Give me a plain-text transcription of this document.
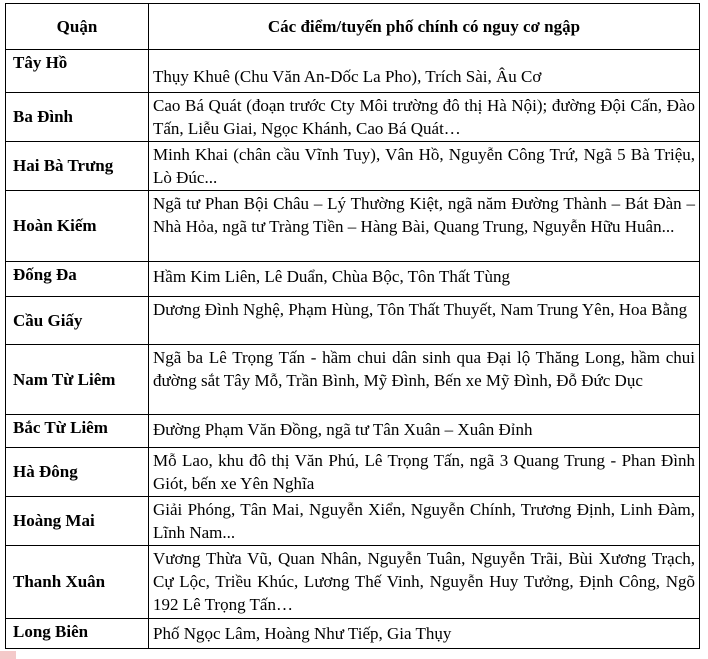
Quận	Các điểm/tuyến phố chính có nguy cơ ngập
Tây Hồ	Thụy Khuê (Chu Văn An-Dốc La Pho), Trích Sài, Âu Cơ
Ba Đình	Cao Bá Quát (đoạn trước Cty Môi trường đô thị Hà Nội); đường Đội Cấn, Đào Tấn, Liễu Giai, Ngọc Khánh, Cao Bá Quát…
Hai Bà Trưng	Minh Khai (chân cầu Vĩnh Tuy), Vân Hồ, Nguyễn Công Trứ, Ngã 5 Bà Triệu, Lò Đúc...
Hoàn Kiếm	Ngã tư Phan Bội Châu – Lý Thường Kiệt, ngã năm Đường Thành – Bát Đàn – Nhà Hỏa, ngã tư Tràng Tiền – Hàng Bài, Quang Trung, Nguyễn Hữu Huân...
Đống Đa	Hầm Kim Liên, Lê Duẩn, Chùa Bộc, Tôn Thất Tùng
Cầu Giấy	Dương Đình Nghệ, Phạm Hùng, Tôn Thất Thuyết, Nam Trung Yên, Hoa Bằng
Nam Từ Liêm	Ngã ba Lê Trọng Tấn - hầm chui dân sinh qua Đại lộ Thăng Long, hầm chui đường sắt Tây Mỗ, Trần Bình, Mỹ Đình, Bến xe Mỹ Đình, Đỗ Đức Dục
Bắc Từ Liêm	Đường Phạm Văn Đồng, ngã tư Tân Xuân – Xuân Đỉnh
Hà Đông	Mỗ Lao, khu đô thị Văn Phú, Lê Trọng Tấn, ngã 3 Quang Trung - Phan Đình Giót, bến xe Yên Nghĩa
Hoàng Mai	Giải Phóng, Tân Mai, Nguyễn Xiển, Nguyễn Chính, Trương Định, Linh Đàm, Lĩnh Nam...
Thanh Xuân	Vương Thừa Vũ, Quan Nhân, Nguyễn Tuân, Nguyễn Trãi, Bùi Xương Trạch, Cự Lộc, Triều Khúc, Lương Thế Vinh, Nguyễn Huy Tưởng, Định Công, Ngõ 192 Lê Trọng Tấn…
Long Biên	Phố Ngọc Lâm, Hoàng Như Tiếp, Gia Thụy
